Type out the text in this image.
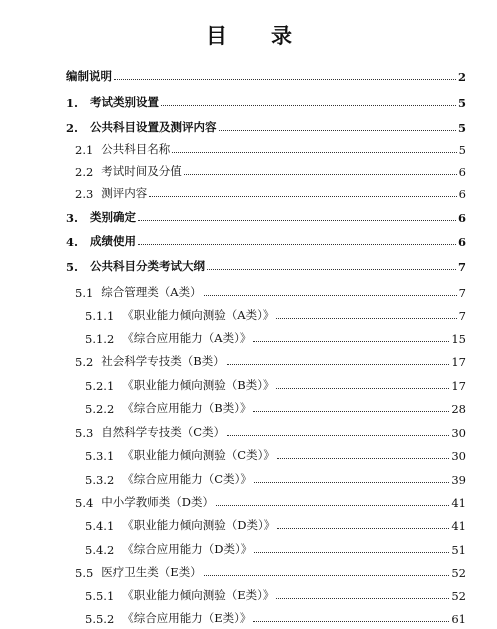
目 录
编制说明	2
1.	考试类别设置	5
2.	公共科目设置及测评内容	5
2.1 公共科目名称	5
2.2 考试时间及分值	6
2.3 测评内容	6
3.	类别确定	6
4.	成绩使用	6
5.	公共科目分类考试大纲	7
5.1 综合管理类（A类）	7
5.1.1 《职业能力倾向测验（A类）》	7
5.1.2 《综合应用能力（A类）》	15
5.2 社会科学专技类（B类）	17
5.2.1 《职业能力倾向测验（B类）》	17
5.2.2 《综合应用能力（B类）》	28
5.3 自然科学专技类（C类）	30
5.3.1 《职业能力倾向测验（C类）》	30
5.3.2 《综合应用能力（C类）》	39
5.4 中小学教师类（D类）	41
5.4.1 《职业能力倾向测验（D类）》	41
5.4.2 《综合应用能力（D类）》	51
5.5 医疗卫生类（E类）	52
5.5.1 《职业能力倾向测验（E类）》	52
5.5.2 《综合应用能力（E类）》	61
